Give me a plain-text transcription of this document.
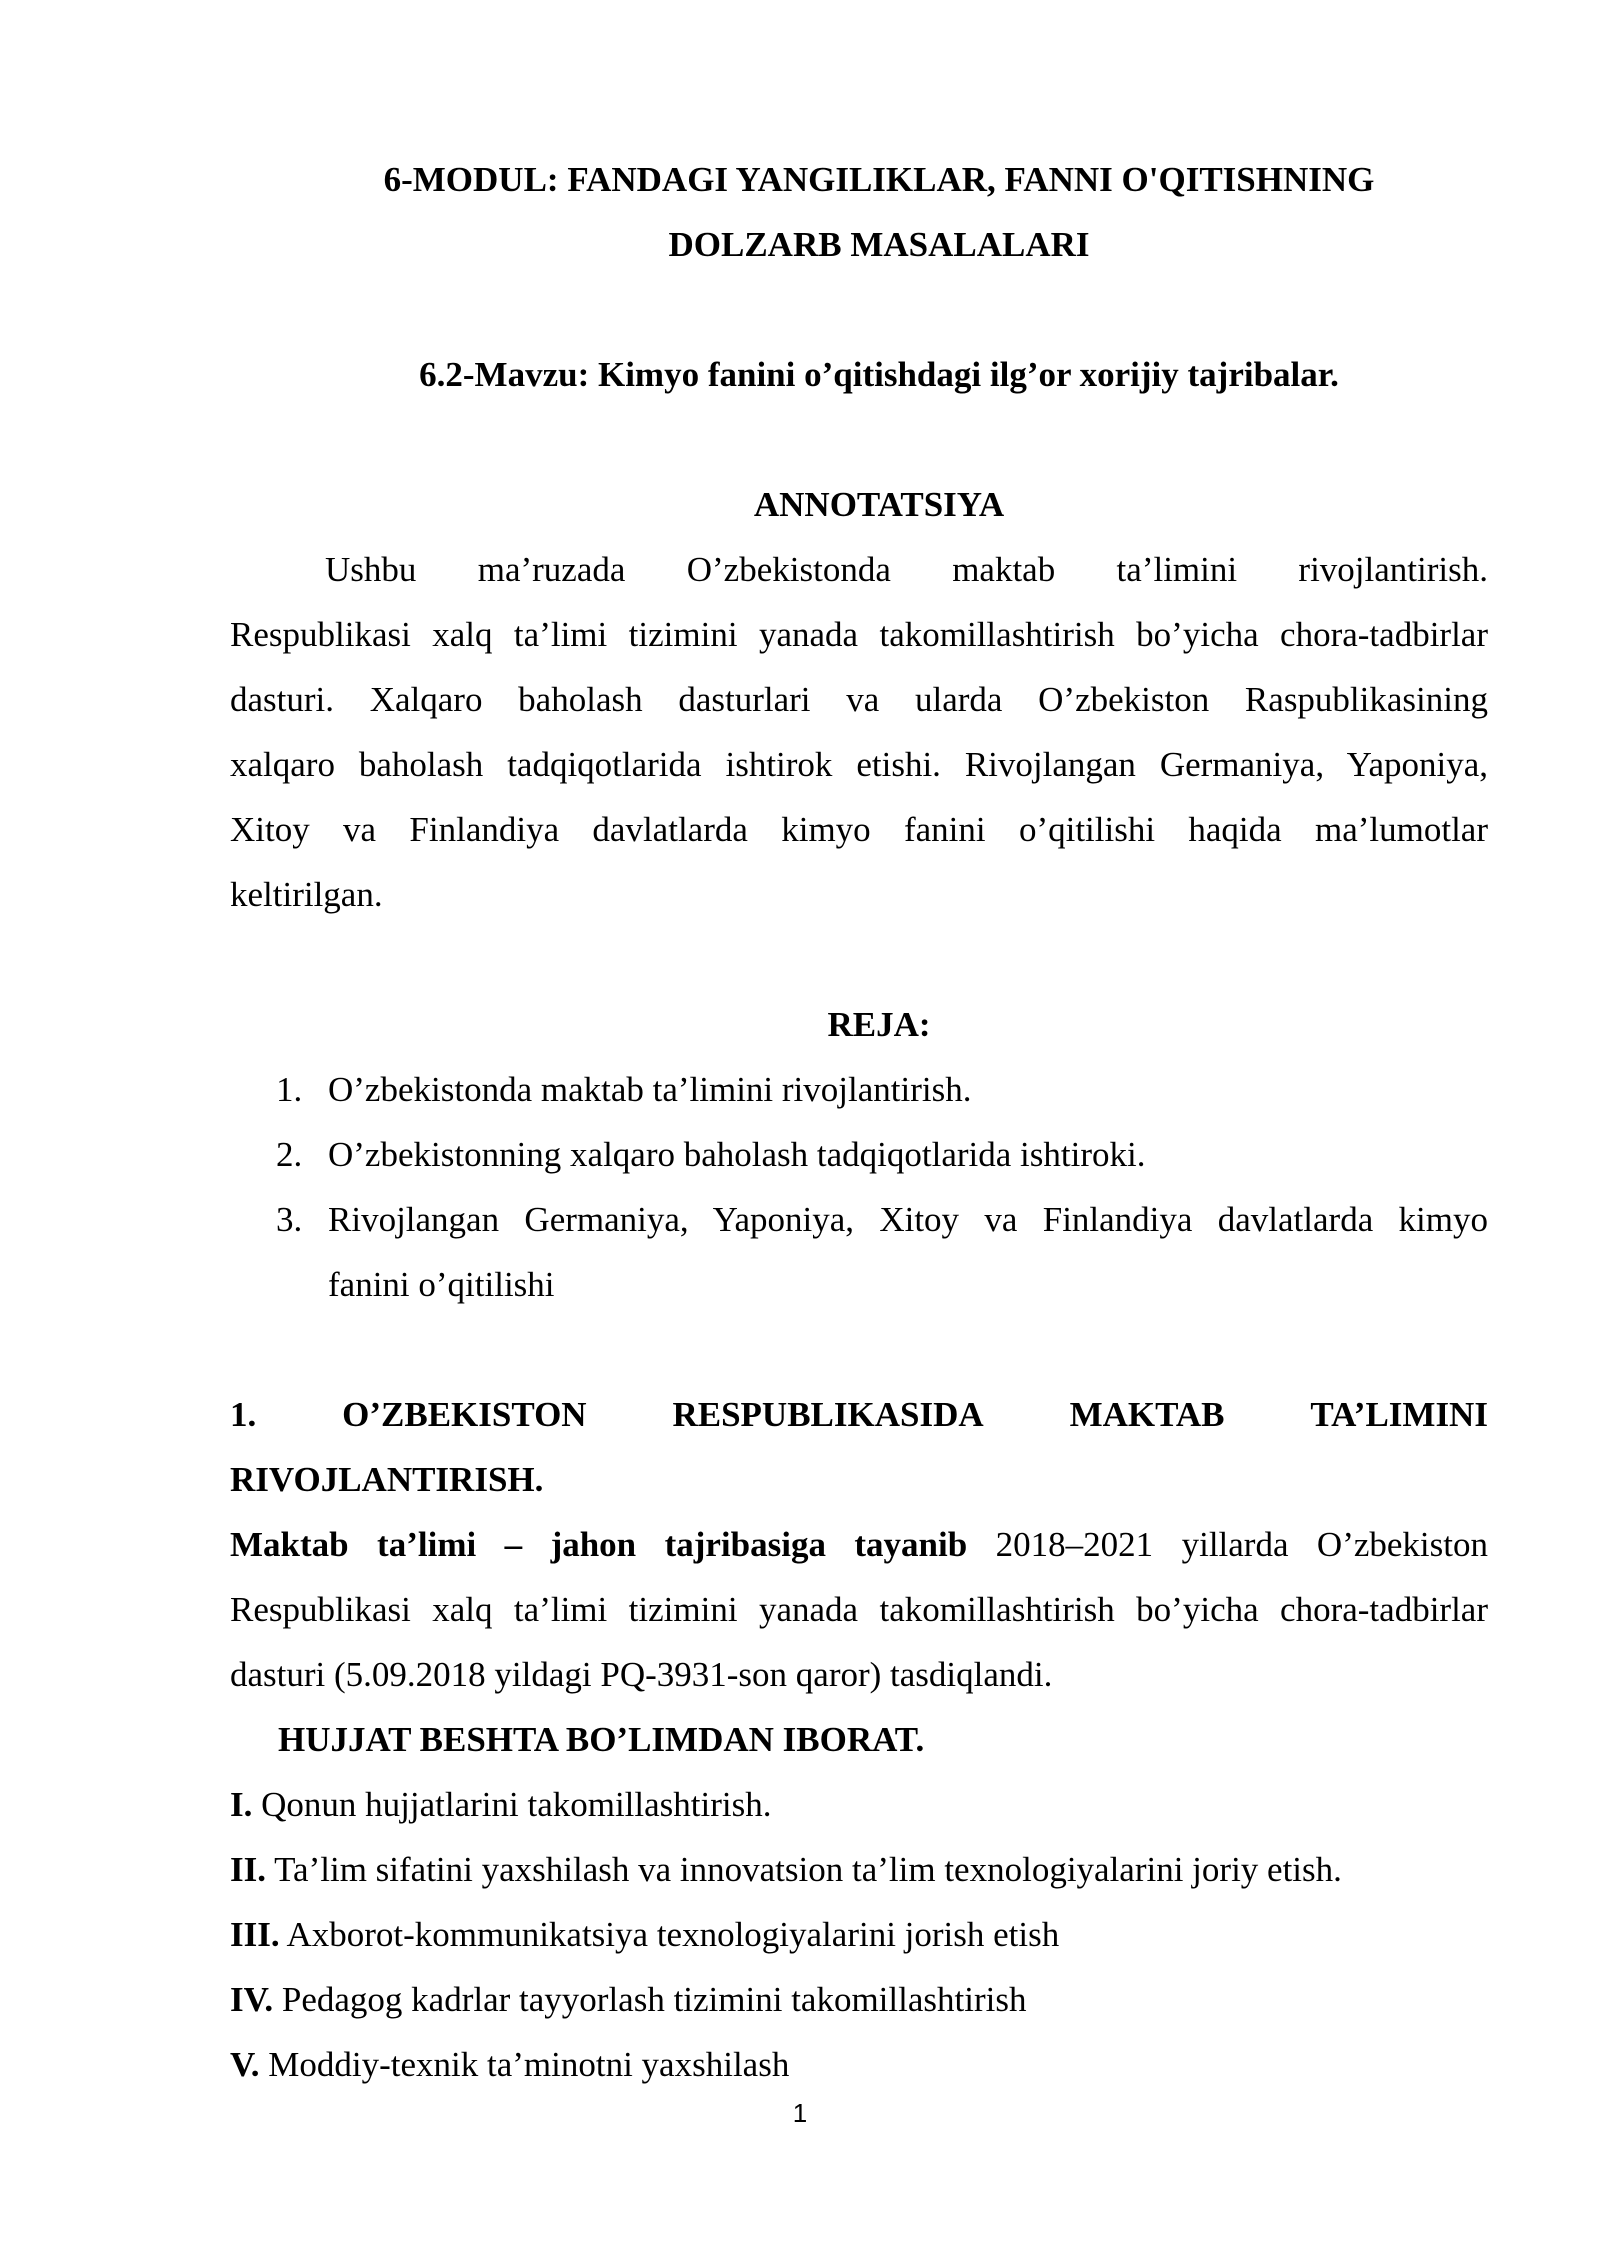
6-MODUL: FANDAGI YANGILIKLAR, FANNI O'QITISHNING
DOLZARB MASALALARI
6.2-Mavzu: Kimyo fanini o’qitishdagi ilg’or xorijiy tajribalar.
ANNOTATSIYA
Ushbu ma’ruzada O’zbekistonda maktab ta’limini rivojlantirish.
Respublikasi xalq ta’limi tizimini yanada takomillashtirish bo’yicha chora-tadbirlar
dasturi. Xalqaro baholash dasturlari va ularda O’zbekiston Raspublikasining
xalqaro baholash tadqiqotlarida ishtirok etishi. Rivojlangan Germaniya, Yaponiya,
Xitoy va Finlandiya davlatlarda kimyo fanini o’qitilishi haqida ma’lumotlar
keltirilgan.
REJA:
1. O’zbekistonda maktab ta’limini rivojlantirish.
2. O’zbekistonning xalqaro baholash tadqiqotlarida ishtiroki.
3. Rivojlangan Germaniya, Yaponiya, Xitoy va Finlandiya davlatlarda kimyo
fanini o’qitilishi
1. O’ZBEKISTON RESPUBLIKASIDA MAKTAB TA’LIMINI
RIVOJLANTIRISH.
Maktab ta’limi – jahon tajribasiga tayanib 2018–2021 yillarda O’zbekiston
Respublikasi xalq ta’limi tizimini yanada takomillashtirish bo’yicha chora-tadbirlar
dasturi (5.09.2018 yildagi PQ-3931-son qaror) tasdiqlandi.
HUJJAT BESHTA BO’LIMDAN IBORAT.
I. Qonun hujjatlarini takomillashtirish.
II. Ta’lim sifatini yaxshilash va innovatsion ta’lim texnologiyalarini joriy etish.
III. Axborot-kommunikatsiya texnologiyalarini jorish etish
IV. Pedagog kadrlar tayyorlash tizimini takomillashtirish
V. Moddiy-texnik ta’minotni yaxshilash
1
